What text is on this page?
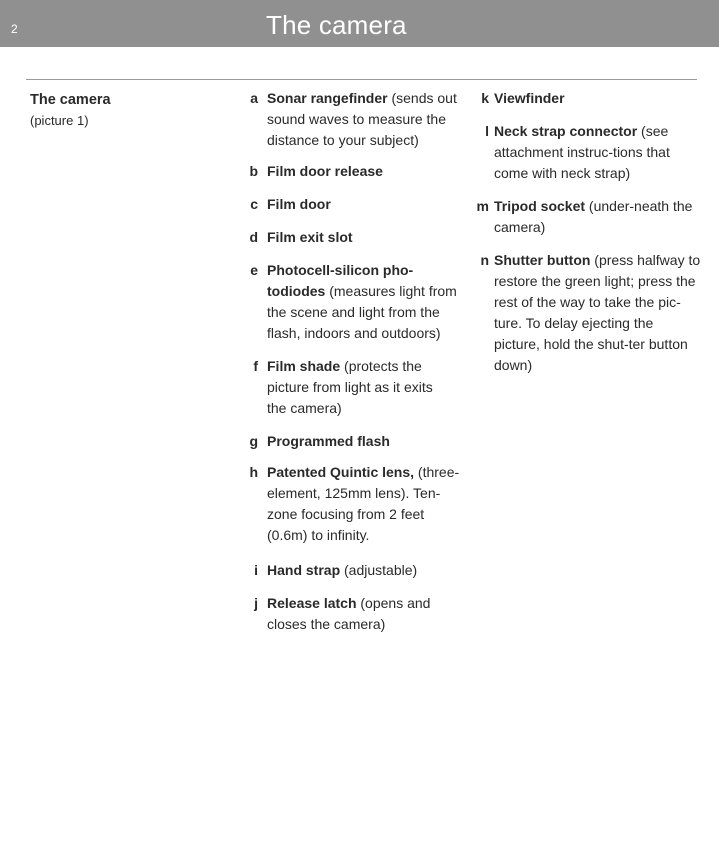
2	The camera
The camera
(picture 1)
a Sonar rangefinder (sends out sound waves to measure the distance to your subject)
b Film door release
c Film door
d Film exit slot
e Photocell-silicon pho-todiodes (measures light from the scene and light from the flash, indoors and outdoors)
f Film shade (protects the picture from light as it exits the camera)
g Programmed flash
h Patented Quintic lens, (three-element, 125mm lens). Ten-zone focusing from 2 feet (0.6m) to infinity.
i Hand strap (adjustable)
j Release latch (opens and closes the camera)
k Viewfinder
l Neck strap connector (see attachment instruc-tions that come with neck strap)
m Tripod socket (under-neath the camera)
n Shutter button (press halfway to restore the green light; press the rest of the way to take the pic-ture. To delay ejecting the picture, hold the shut-ter button down)
